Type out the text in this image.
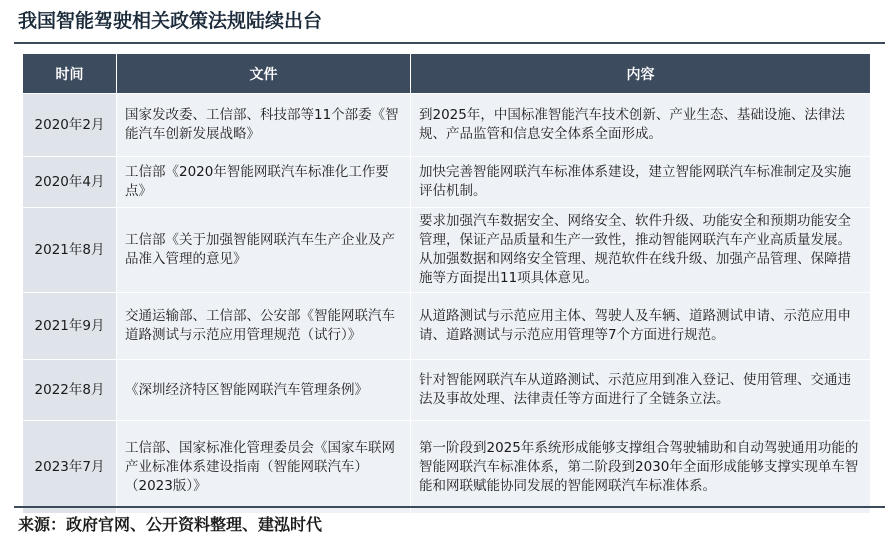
我国智能驾驶相关政策法规陆续出台
时间	文件	内容
2020年2月	国家发改委、工信部、科技部等11个部委《智能汽车创新发展战略》	到2025年，中国标准智能汽车技术创新、产业生态、基础设施、法律法规、产品监管和信息安全体系全面形成。
2020年4月	工信部《2020年智能网联汽车标准化工作要点》	加快完善智能网联汽车标准体系建设，建立智能网联汽车标准制定及实施评估机制。
2021年8月	工信部《关于加强智能网联汽车生产企业及产品准入管理的意见》	要求加强汽车数据安全、网络安全、软件升级、功能安全和预期功能安全管理，保证产品质量和生产一致性，推动智能网联汽车产业高质量发展。从加强数据和网络安全管理、规范软件在线升级、加强产品管理、保障措施等方面提出11项具体意见。
2021年9月	交通运输部、工信部、公安部《智能网联汽车道路测试与示范应用管理规范（试行）》	从道路测试与示范应用主体、驾驶人及车辆、道路测试申请、示范应用申请、道路测试与示范应用管理等7个方面进行规范。
2022年8月	《深圳经济特区智能网联汽车管理条例》	针对智能网联汽车从道路测试、示范应用到准入登记、使用管理、交通违法及事故处理、法律责任等方面进行了全链条立法。
2023年7月	工信部、国家标准化管理委员会《国家车联网产业标准体系建设指南（智能网联汽车）（2023版）》	第一阶段到2025年系统形成能够支撑组合驾驶辅助和自动驾驶通用功能的智能网联汽车标准体系，第二阶段到2030年全面形成能够支撑实现单车智能和网联赋能协同发展的智能网联汽车标准体系。
来源：政府官网、公开资料整理、建泓时代
